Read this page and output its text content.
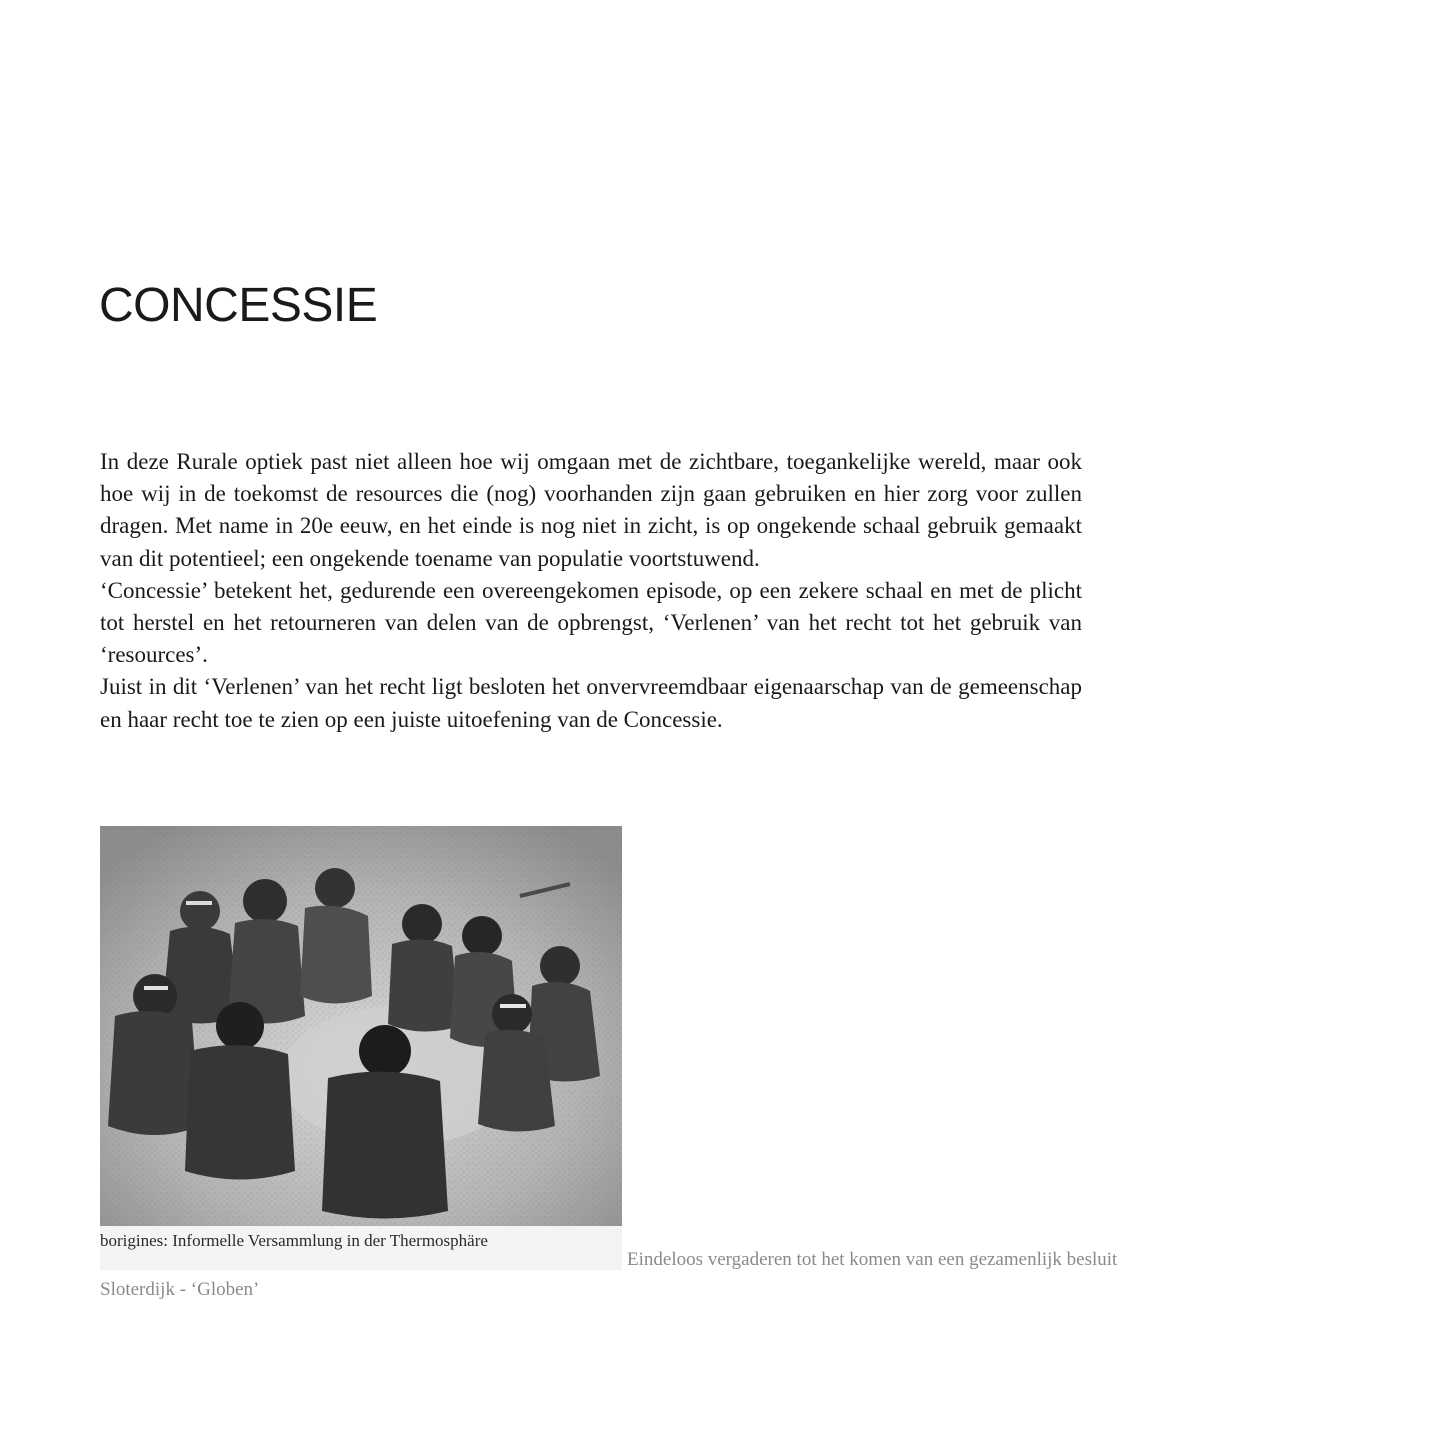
CONCESSIE

In deze Rurale optiek past niet alleen hoe wij omgaan met de zichtbare, toegankelijke wereld, maar ook hoe wij in de toekomst de resources die (nog) voorhanden zijn gaan gebruiken en hier zorg voor zullen dragen. Met name in 20e eeuw, en het einde is nog niet in zicht, is op ongekende schaal gebruik gemaakt van dit potentieel; een ongekende toename van populatie voortstuwend.

‘Concessie’ betekent het, gedurende een overeengekomen episode, op een zekere schaal en met de plicht tot herstel en het retourneren van delen van de opbrengst, ‘Verlenen’ van het recht tot het gebruik van ‘resources’.

Juist in dit ‘Verlenen’ van het recht ligt besloten het onvervreemdbaar eigenaarschap van de gemeenschap en haar recht toe te zien op een juiste uitoefening van de Concessie.

borigines: Informelle Versammlung in der Thermosphäre
Eindeloos vergaderen tot het komen van een gezamenlijk besluit
Sloterdijk - ‘Globen’
